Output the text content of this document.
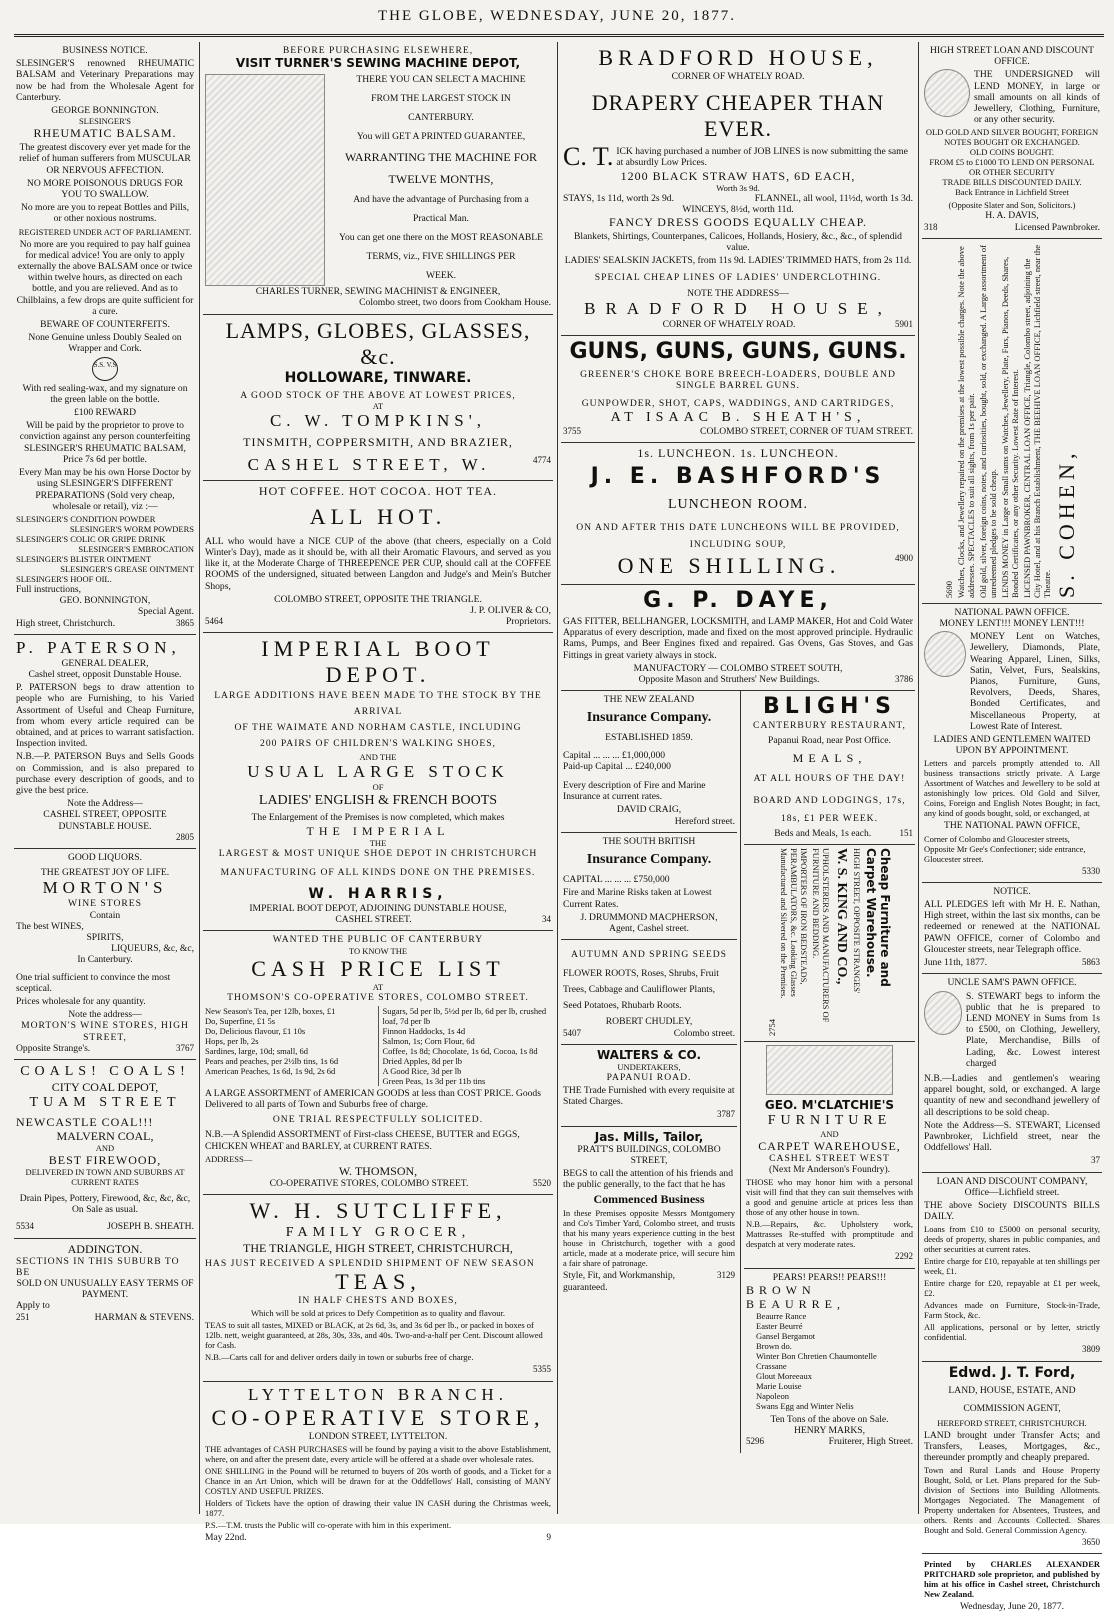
THE GLOBE, WEDNESDAY, JUNE 20, 1877.
BUSINESS NOTICE.

SLESINGER'S renowned RHEUMATIC BALSAM and Veterinary Preparations may now be had from the Wholesale Agent for Canterbury.

GEORGE BONNINGTON.
SLESINGER'S
RHEUMATIC BALSAM.

The greatest discovery ever yet made for the relief of human sufferers from MUSCULAR OR NERVOUS AFFECTION.

NO MORE POISONOUS DRUGS FOR YOU TO SWALLOW.

No more are you to repeat Bottles and Pills, or other noxious nostrums.

REGISTERED UNDER ACT OF PARLIAMENT.

No more are you required to pay half guinea for medical advice! You are only to apply externally the above BALSAM once or twice within twelve hours, as directed on each bottle, and you are relieved. And as to Chilblains, a few drops are quite sufficient for a cure.

BEWARE OF COUNTERFEITS.

None Genuine unless Doubly Sealed on Wrapper and Cork.

S.S. V.S

With red sealing-wax, and my signature on the green lable on the bottle.

£100 REWARD

Will be paid by the proprietor to prove to conviction against any person counterfeiting SLESINGER'S RHEUMATIC BALSAM, Price 7s 6d per bottle.

Every Man may be his own Horse Doctor by using SLESINGER'S DIFFERENT PREPARATIONS (Sold very cheap, wholesale or retail), viz :—

SLESINGER'S CONDITION POWDER
SLESINGER'S WORM POWDERS
SLESINGER'S COLIC OR GRIPE DRINK
SLESINGER'S EMBROCATION
SLESINGER'S BLISTER OINTMENT
SLESINGER'S GREASE OINTMENT
SLESINGER'S HOOF OIL.
Full instructions,
GEO. BONNINGTON,
Special Agent.
High street, Christchurch.	3865
P. PATERSON,
GENERAL DEALER,
Cashel street, opposit Dunstable House.

P. PATERSON begs to draw attention to people who are Furnishing, to his Varied Assortment of Useful and Cheap Furniture, from whom every article required can be obtained, and at prices to warrant satisfaction. Inspection invited.

N.B.—P. PATERSON Buys and Sells Goods on Commission, and is also prepared to purchase every description of goods, and to give the best price.

Note the Address—
CASHEL STREET, OPPOSITE DUNSTABLE HOUSE.
2805
GOOD LIQUORS.
THE GREATEST JOY OF LIFE.
MORTON'S
WINE STORES
Contain
The best WINES,
SPIRITS,
LIQUEURS, &c, &c,
In Canterbury.

One trial sufficient to convince the most sceptical.

Prices wholesale for any quantity.

Note the address—
MORTON'S WINE STORES, HIGH STREET,
Opposite Strange's.	3767
COALS! COALS!
CITY COAL DEPOT,
TUAM STREET
NEWCASTLE COAL!!!
MALVERN COAL,
AND
BEST FIREWOOD,
DELIVERED IN TOWN AND SUBURBS AT CURRENT RATES

Drain Pipes, Pottery, Firewood, &c, &c, &c, On Sale as usual.

5534	JOSEPH B. SHEATH.
ADDINGTON.
SECTIONS IN THIS SUBURB TO BE
SOLD ON UNUSUALLY EASY TERMS OF PAYMENT.
Apply to
251	HARMAN & STEVENS.
BEFORE PURCHASING ELSEWHERE,
VISIT TURNER'S SEWING MACHINE DEPOT,
THERE YOU CAN SELECT A MACHINE
FROM THE LARGEST STOCK IN
CANTERBURY.
You will GET A PRINTED GUARANTEE,
WARRANTING THE MACHINE FOR
TWELVE MONTHS,
And have the advantage of Purchasing from a
Practical Man.
You can get one there on the MOST REASONABLE
TERMS, viz., FIVE SHILLINGS PER
WEEK.
CHARLES TURNER, SEWING MACHINIST & ENGINEER,
Colombo street, two doors from Cookham House.
LAMPS, GLOBES, GLASSES, &c.
HOLLOWARE, TINWARE.
A GOOD STOCK OF THE ABOVE AT LOWEST PRICES,
AT
C. W. TOMPKINS',
TINSMITH, COPPERSMITH, AND BRAZIER,
CASHEL STREET, W.	4774
HOT COFFEE. HOT COCOA. HOT TEA.
ALL HOT.

ALL who would have a NICE CUP of the above (that cheers, especially on a Cold Winter's Day), made as it should be, with all their Aromatic Flavours, and served as you like it, at the Moderate Charge of THREEPENCE PER CUP, should call at the COFFEE ROOMS of the undersigned, situated between Langdon and Judge's and Mein's Butcher Shops,

COLOMBO STREET, OPPOSITE THE TRIANGLE.
J. P. OLIVER & CO,
5464	Proprietors.
IMPERIAL BOOT DEPOT.
LARGE ADDITIONS HAVE BEEN MADE TO THE STOCK BY THE ARRIVAL
OF THE WAIMATE AND NORHAM CASTLE, INCLUDING
200 PAIRS OF CHILDREN'S WALKING SHOES,
AND THE
USUAL LARGE STOCK
OF
LADIES' ENGLISH & FRENCH BOOTS
The Enlargement of the Premises is now completed, which makes
THE IMPERIAL
THE
LARGEST & MOST UNIQUE SHOE DEPOT IN CHRISTCHURCH
MANUFACTURING OF ALL KINDS DONE ON THE PREMISES.
W. HARRIS,
IMPERIAL BOOT DEPOT, ADJOINING DUNSTABLE HOUSE,
CASHEL STREET.	34
WANTED THE PUBLIC OF CANTERBURY
TO KNOW THE
CASH PRICE LIST
AT
THOMSON'S CO-OPERATIVE STORES, COLOMBO STREET.
New Season's Tea, per 12lb, boxes, £1
Do, Superfine, £1 5s
Do, Delicious flavour, £1 10s
Hops, per lb, 2s
Sardines, large, 10d; small, 6d
Pears and peaches, per 2½lb tins, 1s 6d
American Peaches, 1s 6d, 1s 9d, 2s 6d
Sugars, 5d per lb, 5½d per lb, 6d per lb, crushed loaf, 7d per lb
Finnon Haddocks, 1s 4d
Salmon, 1s; Corn Flour, 6d
Coffee, 1s 8d; Chocolate, 1s 6d, Cocoa, 1s 8d
Dried Apples, 8d per lb
A Good Rice, 3d per lb
Green Peas, 1s 3d per 11b tins

A LARGE ASSORTMENT of AMERICAN GOODS at less than COST PRICE. Goods Delivered to all parts of Town and Suburbs free of charge.

ONE TRIAL RESPECTFULLY SOLICITED.

N.B.—A Splendid ASSORTMENT of First-class CHEESE, BUTTER and EGGS, CHICKEN WHEAT and BARLEY, at CURRENT RATES.

ADDRESS—
W. THOMSON,
CO-OPERATIVE STORES, COLOMBO STREET.	5520
W. H. SUTCLIFFE,
FAMILY GROCER,
THE TRIANGLE, HIGH STREET, CHRISTCHURCH,
HAS JUST RECEIVED A SPLENDID SHIPMENT OF NEW SEASON
TEAS,
IN HALF CHESTS AND BOXES,

Which will be sold at prices to Defy Competition as to quality and flavour.

TEAS to suit all tastes, MIXED or BLACK, at 2s 6d, 3s, and 3s 6d per lb., or packed in boxes of 12lb. nett, weight guaranteed, at 28s, 30s, 33s, and 40s. Two-and-a-half per Cent. Discount allowed for Cash.

N.B.—Carts call for and deliver orders daily in town or suburbs free of charge.

5355
LYTTELTON BRANCH.
CO-OPERATIVE STORE,
LONDON STREET, LYTTELTON.

THE advantages of CASH PURCHASES will be found by paying a visit to the above Establishment, where, on and after the present date, every article will be offered at a shade over wholesale rates.

ONE SHILLING in the Pound will be returned to buyers of 20s worth of goods, and a Ticket for a Chance in an Art Union, which will be drawn for at the Oddfellows' Hall, consisting of MANY COSTLY AND USEFUL PRIZES.

Holders of Tickets have the option of drawing their value IN CASH during the Christmas week, 1877.

P.S.—T.M. trusts the Public will co-operate with him in this experiment.

May 22nd.	9
BRADFORD HOUSE,
CORNER OF WHATELY ROAD.
DRAPERY CHEAPER THAN EVER.
C. T. ICK having purchased a number of JOB LINES is now submitting the same at absurdly Low Prices.
1200 BLACK STRAW HATS, 6D EACH,
Worth 3s 9d.
STAYS, 1s 11d, worth 2s 9d.	FLANNEL, all wool, 11½d, worth 1s 3d.
WINCEYS, 8½d, worth 11d.
FANCY DRESS GOODS EQUALLY CHEAP.

Blankets, Shirtings, Counterpanes, Calicoes, Hollands, Hosiery, &c., &c., of splendid value.

LADIES' SEALSKIN JACKETS, from 11s 9d. LADIES' TRIMMED HATS, from 2s 11d.

SPECIAL CHEAP LINES OF LADIES' UNDERCLOTHING.

NOTE THE ADDRESS—
BRADFORD HOUSE,
CORNER OF WHATELY ROAD.	5901
GUNS, GUNS, GUNS, GUNS.
GREENER'S CHOKE BORE BREECH-LOADERS, DOUBLE AND SINGLE BARREL GUNS.
GUNPOWDER, SHOT, CAPS, WADDINGS, AND CARTRIDGES,
AT ISAAC B. SHEATH'S,
3755	COLOMBO STREET, CORNER OF TUAM STREET.
1s. LUNCHEON. 1s. LUNCHEON.
J. E. BASHFORD'S
LUNCHEON ROOM.
ON AND AFTER THIS DATE LUNCHEONS WILL BE PROVIDED, INCLUDING SOUP,
ONE SHILLING.	4900
G. P. DAYE,

GAS FITTER, BELLHANGER, LOCKSMITH, and LAMP MAKER, Hot and Cold Water Apparatus of every description, made and fixed on the most approved principle. Hydraulic Rams, Pumps, and Beer Engines fixed and repaired. Gas Ovens, Gas Stoves, and Gas Fittings in great variety always in stock.

MANUFACTORY — COLOMBO STREET SOUTH,
Opposite Mason and Struthers' New Buildings.	3786
THE NEW ZEALAND
Insurance Company.
ESTABLISHED 1859.
Capital ... ... ... £1,000,000
Paid-up Capital ... £240,000

Every description of Fire and Marine Insurance at current rates.

DAVID CRAIG,
Hereford street.
THE SOUTH BRITISH
Insurance Company.
CAPITAL ... ... ... £750,000

Fire and Marine Risks taken at Lowest Current Rates.

J. DRUMMOND MACPHERSON,
Agent, Cashel street.
AUTUMN AND SPRING SEEDS

FLOWER ROOTS, Roses, Shrubs, Fruit Trees, Cabbage and Cauliflower Plants, Seed Potatoes, Rhubarb Roots.

ROBERT CHUDLEY,
5407	Colombo street.
WALTERS & CO.
UNDERTAKERS,
PAPANUI ROAD.

THE Trade Furnished with every requisite at Stated Charges.

3787
Jas. Mills, Tailor,
PRATT'S BUILDINGS, COLOMBO STREET,

BEGS to call the attention of his friends and the public generally, to the fact that he has

Commenced Business

In these Premises opposite Messrs Montgomery and Co's Timber Yard, Colombo street, and trusts that his many years experience cutting in the best house in Christchurch, together with a good article, made at a moderate price, will secure him a fair share of patronage.

Style, Fit, and Workmanship, guaranteed.
3129
BLIGH'S
CANTERBURY RESTAURANT,
Papanui Road, near Post Office.
MEALS,
AT ALL HOURS OF THE DAY!
BOARD AND LODGINGS, 17s, 18s, £1 PER WEEK.
Beds and Meals, 1s each.	151
2754
IMPORTERS OF IRON BEDSTEADS, PERAMBULATORS, &c. Looking Glasses Manufactured and Silvered on the Premises.	UPHOLSTERERS AND MANUFACTURERS OF FURNITURE AND BEDDING. W. S. KING AND CO., HIGH STREET, OPPOSITE STRANGES'	Cheap Furniture and Carpet Warehouse.
GEO. M'CLATCHIE'S
FURNITURE
AND
CARPET WAREHOUSE,
CASHEL STREET WEST
(Next Mr Anderson's Foundry).

THOSE who may honor him with a personal visit will find that they can suit themselves with a good and genuine article at prices less than those of any other house in town.

N.B.—Repairs, &c. Upholstery work, Mattrasses Re-stuffed with promptitude and despatch at very moderate rates.

2292
PEARS! PEARS!! PEARS!!!
BROWN BEAURRE,
Beaurre Rance
Easter Beurré
Gansel Bergamot
Brown do.
Winter Bon Chretien Chaumontelle
Crassane
Glout Moreeaux
Marie Louise
Napoleon
Swans Egg and Winter Nelis
Ten Tons of the above on Sale.
HENRY MARKS,
5296	Fruiterer, High Street.
HIGH STREET LOAN AND DISCOUNT OFFICE.

THE UNDERSIGNED will LEND MONEY, in large or small amounts on all kinds of Jewellery, Clothing, Furniture, or any other security.

OLD GOLD AND SILVER BOUGHT, FOREIGN NOTES BOUGHT OR EXCHANGED.
OLD COINS BOUGHT.
FROM £5 to £1000 TO LEND ON PERSONAL OR OTHER SECURITY
TRADE BILLS DISCOUNTED DAILY.
Back Entrance in Lichfield Street
(Opposite Slater and Son, Solicitors.)
H. A. DAVIS,
318	Licensed Pawnbroker.
5690 Watches, Clocks, and Jewellery repaired on the premises at the lowest possible charges. Note the above addresses. SPECTACLES to suit all sights, from 1s per pair. Old gold, silver, foreign coins, notes, and curiosities, bought, sold, or exchanged. A Large assortment of unredeemed pledges to be sold cheap. LENDS MONEY in Large or Small sums on Watches, Jewellery, Plate, Furs, Pianos, Deeds, Shares, Bonded Certificates, or any other Security. Lowest Rate of Interest. LICENSED PAWNBROKER, CENTRAL LOAN OFFICE, Triangle, Colombo street, adjoining the City Hotel, and at his Branch Establishment, THE BEEHIVE LOAN OFFICE, Lichfield street, near the Theatre. S. COHEN,
NATIONAL PAWN OFFICE.
MONEY LENT!!! MONEY LENT!!!

MONEY Lent on Watches, Jewellery, Diamonds, Plate, Wearing Apparel, Linen, Silks, Satin, Velvet, Furs, Sealskins, Pianos, Furniture, Guns, Revolvers, Deeds, Shares, Bonded Certificates, and Miscellaneous Property, at Lowest Rate of Interest.

LADIES AND GENTLEMEN WAITED UPON BY APPOINTMENT.

Letters and parcels promptly attended to. All business transactions strictly private. A Large Assortment of Watches and Jewellery to be sold at astonishingly low prices. Old Gold and Silver, Coins, Foreign and English Notes Bought; in fact, any kind of goods bought, sold, or exchanged, at

THE NATIONAL PAWN OFFICE,

Corner of Colombo and Gloucester streets, Opposite Mr Gee's Confectioner; side entrance, Gloucester street.

5330
NOTICE.

ALL PLEDGES left with Mr H. E. Nathan, High street, within the last six months, can be redeemed or renewed at the NATIONAL PAWN OFFICE, corner of Colombo and Gloucester streets, near Telegraph office.

June 11th, 1877.	5863
UNCLE SAM'S PAWN OFFICE.

S. STEWART begs to inform the public that he is prepared to LEND MONEY in Sums from 1s to £500, on Clothing, Jewellery, Plate, Merchandise, Bills of Lading, &c. Lowest interest charged

N.B.—Ladies and gentlemen's wearing apparel bought, sold, or exchanged. A large quantity of new and secondhand jewellery of all descriptions to be sold cheap.

Note the Address—S. STEWART, Licensed Pawnbroker, Lichfield street, near the Oddfellows' Hall.

37
LOAN AND DISCOUNT COMPANY,
Office—Lichfield street.

THE above Society DISCOUNTS BILLS DAILY.

Loans from £10 to £5000 on personal security, deeds of property, shares in public companies, and other securities at current rates.

Entire charge for £10, repayable at ten shillings per week, £1.

Entire charge for £20, repayable at £1 per week, £2.

Advances made on Furniture, Stock-in-Trade, Farm Stock, &c.

All applications, personal or by letter, strictly confidential.

3809
Edwd. J. T. Ford,
LAND, HOUSE, ESTATE, AND COMMISSION AGENT,
HEREFORD STREET, CHRISTCHURCH.

LAND brought under Transfer Acts; and Transfers, Leases, Mortgages, &c., thereunder promptly and cheaply prepared.

Town and Rural Lands and House Property Bought, Sold, or Let. Plans prepared for the Sub-division of Sections into Building Allotments. Mortgages Negociated. The Management of Property undertaken for Absentees, Trustees, and others. Rents and Accounts Collected. Shares Bought and Sold. General Commission Agency.

3650

Printed by CHARLES ALEXANDER PRITCHARD sole proprietor, and published by him at his office in Cashel street, Christchurch New Zealand.

Wednesday, June 20, 1877.
